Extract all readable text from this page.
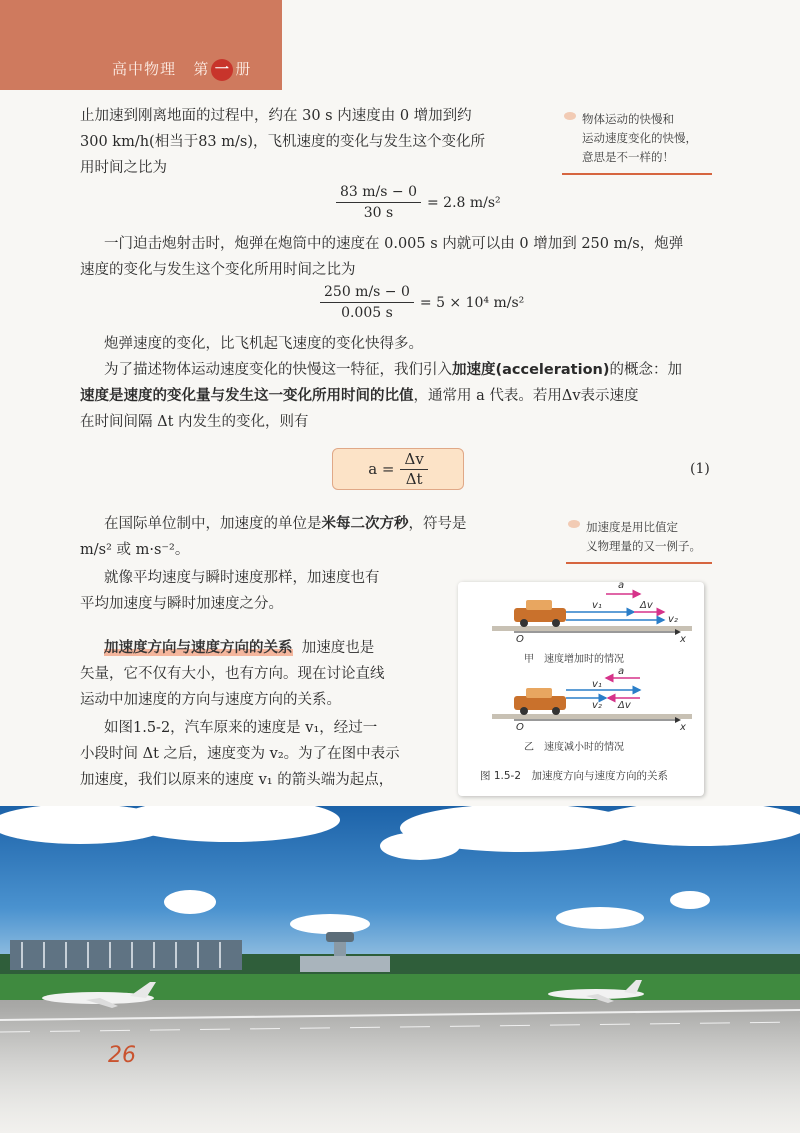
高中物理 第 一 册
止加速到刚离地面的过程中，约在 30 s 内速度由 0 增加到约
300 km/h(相当于83 m/s)，飞机速度的变化与发生这个变化所
用时间之比为
物体运动的快慢和
运动速度变化的快慢，
意思是不一样的！
$\frac{83 m/s - 0}{30 s} = 2.8$ m/s²
一门迫击炮射击时，炮弹在炮筒中的速度在 0.005 s 内就可以由 0 增加到 250 m/s，炮弹
速度的变化与发生这个变化所用时间之比为
$\frac{250 m/s - 0}{0.005 s} = 5 \times 10^4$ m/s²
炮弹速度的变化，比飞机起飞速度的变化快得多。
为了描述物体运动速度变化的快慢这一特征，我们引入加速度(acceleration)的概念：加
速度是速度的变化量与发生这一变化所用时间的比值，通常用 a 代表。若用Δv表示速度
在时间间隔 Δt 内发生的变化，则有
$a = \frac{\Delta v}{\Delta t}$	(1)
在国际单位制中，加速度的单位是米每二次方秒，符号是
m/s² 或 m·s⁻²。
加速度是用比值定
义物理量的又一例子。
就像平均速度与瞬时速度那样，加速度也有
平均加速度与瞬时加速度之分。
加速度方向与速度方向的关系 加速度也是
矢量，它不仅有大小，也有方向。现在讨论直线
运动中加速度的方向与速度方向的关系。
如图1.5-2，汽车原来的速度是 v₁，经过一
小段时间 Δt 之后，速度变为 v₂。为了在图中表示
加速度，我们以原来的速度 v₁ 的箭头端为起点，
a
v₁	Δv
v₂
O	x
甲　速度增加时的情况
a
v₁
v₂ Δv
O	x
乙　速度减小时的情况
图 1.5-2　加速度方向与速度方向的关系
26
